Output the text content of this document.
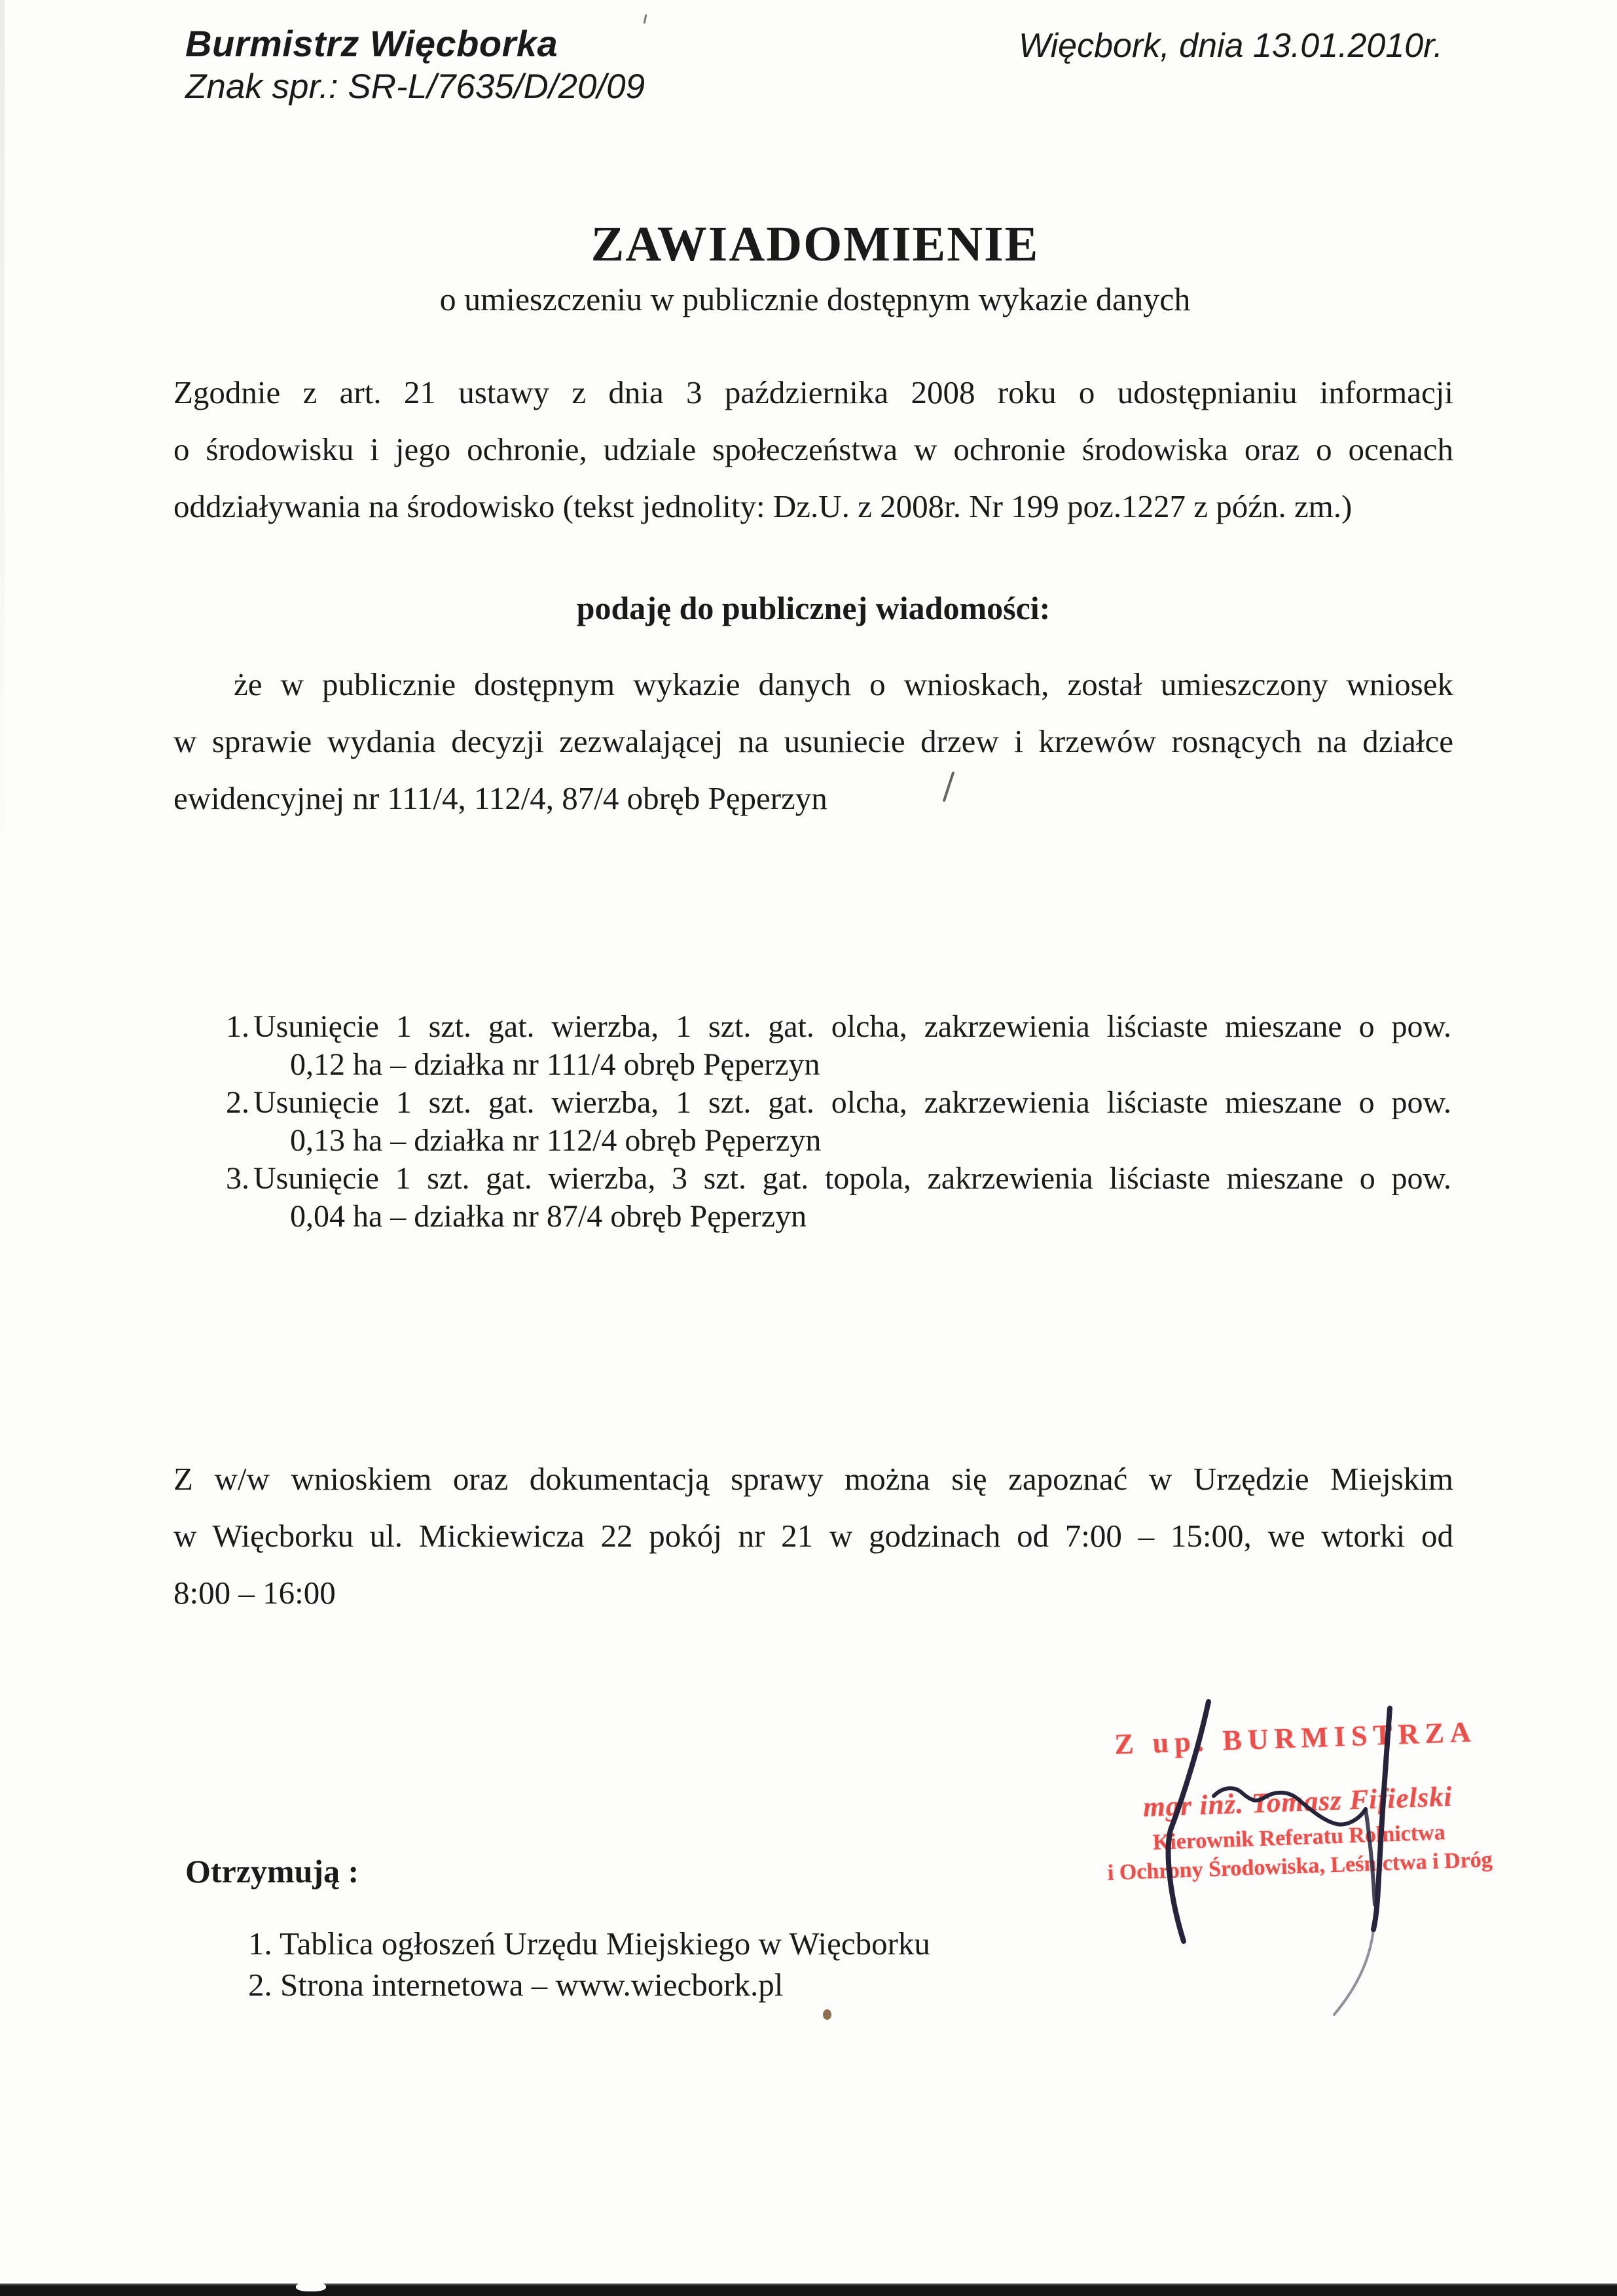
Burmistrz Więcborka
Znak spr.: SR-L/7635/D/20/09
Więcbork, dnia 13.01.2010r.
ZAWIADOMIENIE
o umieszczeniu w publicznie dostępnym wykazie danych
Zgodnie z art. 21 ustawy z dnia 3 października 2008 roku o udostępnianiu informacji
o środowisku i jego ochronie, udziale społeczeństwa w ochronie środowiska oraz o ocenach
oddziaływania na środowisko (tekst jednolity: Dz.U. z 2008r. Nr 199 poz.1227 z późn. zm.)
podaję do publicznej wiadomości:
że w publicznie dostępnym wykazie danych o wnioskach, został umieszczony wniosek
w sprawie wydania decyzji zezwalającej na usuniecie drzew i krzewów rosnących na działce
ewidencyjnej nr 111/4, 112/4, 87/4 obręb Pęperzyn
1. Usunięcie 1 szt. gat. wierzba, 1 szt. gat. olcha, zakrzewienia liściaste mieszane o pow.
0,12 ha – działka nr 111/4 obręb Pęperzyn
2. Usunięcie 1 szt. gat. wierzba, 1 szt. gat. olcha, zakrzewienia liściaste mieszane o pow.
0,13 ha – działka nr 112/4 obręb Pęperzyn
3. Usunięcie 1 szt. gat. wierzba, 3 szt. gat. topola, zakrzewienia liściaste mieszane o pow.
0,04 ha – działka nr 87/4 obręb Pęperzyn
Z w/w wnioskiem oraz dokumentacją sprawy można się zapoznać w Urzędzie Miejskim
w Więcborku ul. Mickiewicza 22 pokój nr 21 w godzinach od 7:00 – 15:00, we wtorki od
8:00 – 16:00
Z up. BURMISTRZA
mgr inż. Tomasz Fifielski
Kierownik Referatu Rolnictwa
i Ochrony Środowiska, Leśnictwa i Dróg
Otrzymują :
1. Tablica ogłoszeń Urzędu Miejskiego w Więcborku
2. Strona internetowa – www.wiecbork.pl
